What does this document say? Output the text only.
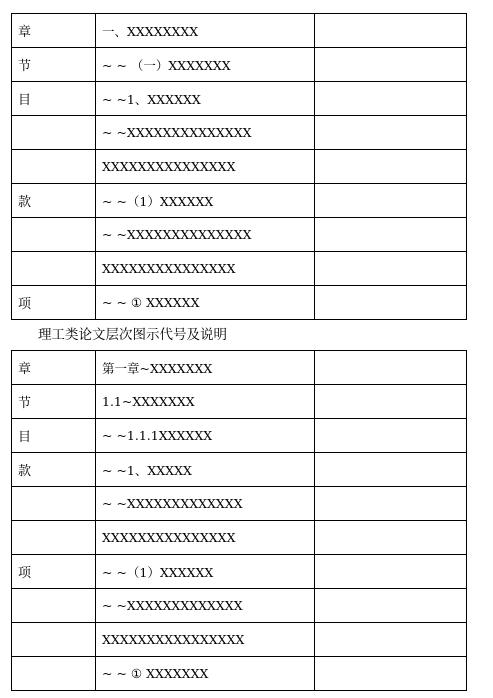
章	一、XXXXXXXX	
节	~ ~ （一）XXXXXXX	
目	~ ~1、XXXXXX	
	~ ~XXXXXXXXXXXXXX	
	XXXXXXXXXXXXXXX	
款	~ ~（1）XXXXXX	
	~ ~XXXXXXXXXXXXXX	
	XXXXXXXXXXXXXXX	
项	~ ~ ① XXXXXX	
理工类论文层次图示代号及说明
章	第一章~XXXXXXX	
节	1.1~XXXXXXX	
目	~ ~1.1.1XXXXXX	
款	~ ~1、XXXXX	
	~ ~XXXXXXXXXXXXX	
	XXXXXXXXXXXXXXX	
项	~ ~（1）XXXXXX	
	~ ~XXXXXXXXXXXXX	
	XXXXXXXXXXXXXXXX	
	~ ~ ① XXXXXXX	
